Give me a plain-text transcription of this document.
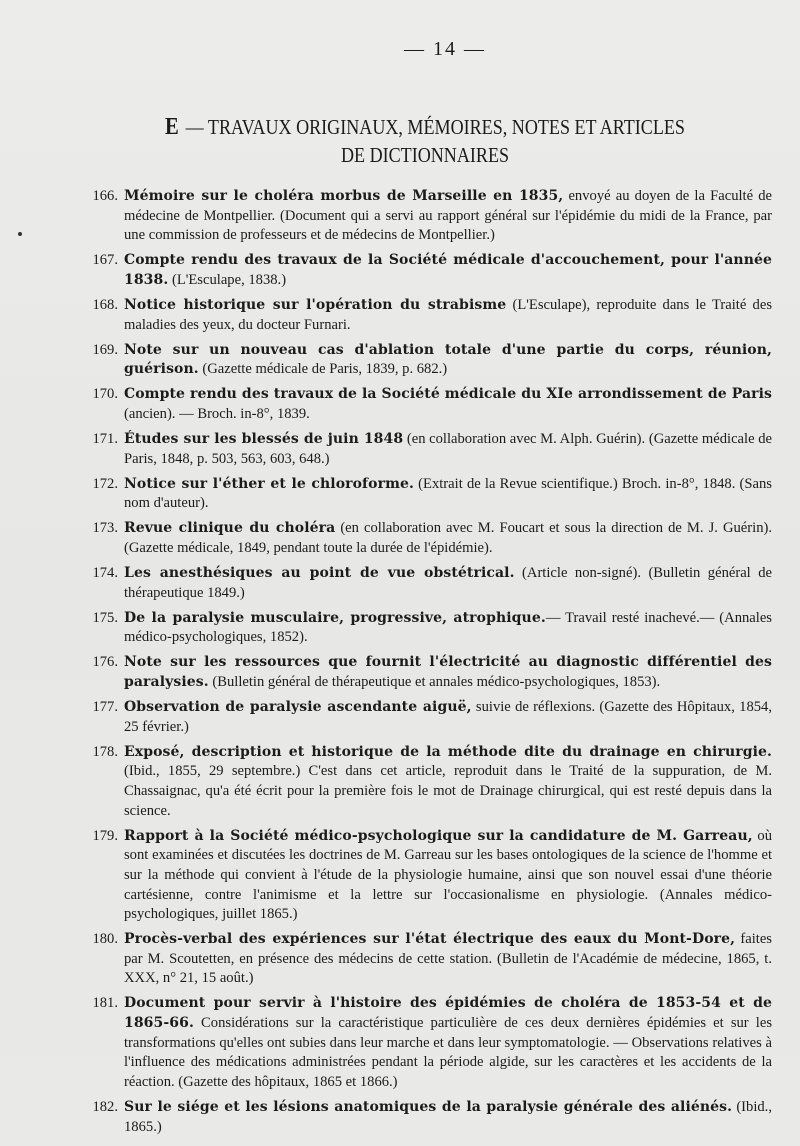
— 14 —
E — TRAVAUX ORIGINAUX, MÉMOIRES, NOTES ET ARTICLES
DE DICTIONNAIRES
166. Mémoire sur le choléra morbus de Marseille en 1835, envoyé au doyen de la Faculté de médecine de Montpellier. (Document qui a servi au rapport général sur l'épidémie du midi de la France, par une commission de professeurs et de médecins de Montpellier.)
167. Compte rendu des travaux de la Société médicale d'accouchement, pour l'année 1838. (L'Esculape, 1838.)
168. Notice historique sur l'opération du strabisme (L'Esculape), reproduite dans le Traité des maladies des yeux, du docteur Furnari.
169. Note sur un nouveau cas d'ablation totale d'une partie du corps, réunion, guérison. (Gazette médicale de Paris, 1839, p. 682.)
170. Compte rendu des travaux de la Société médicale du XIe arrondissement de Paris (ancien). — Broch. in-8°, 1839.
171. Études sur les blessés de juin 1848 (en collaboration avec M. Alph. Guérin). (Gazette médicale de Paris, 1848, p. 503, 563, 603, 648.)
172. Notice sur l'éther et le chloroforme. (Extrait de la Revue scientifique.) Broch. in-8°, 1848. (Sans nom d'auteur).
173. Revue clinique du choléra (en collaboration avec M. Foucart et sous la direction de M. J. Guérin). (Gazette médicale, 1849, pendant toute la durée de l'épidémie).
174. Les anesthésiques au point de vue obstétrical. (Article non-signé). (Bulletin général de thérapeutique 1849.)
175. De la paralysie musculaire, progressive, atrophique.— Travail resté inachevé.— (Annales médico-psychologiques, 1852).
176. Note sur les ressources que fournit l'électricité au diagnostic différentiel des paralysies. (Bulletin général de thérapeutique et annales médico-psychologiques, 1853).
177. Observation de paralysie ascendante aiguë, suivie de réflexions. (Gazette des Hôpitaux, 1854, 25 février.)
178. Exposé, description et historique de la méthode dite du drainage en chirurgie. (Ibid., 1855, 29 septembre.) C'est dans cet article, reproduit dans le Traité de la suppuration, de M. Chassaignac, qu'a été écrit pour la première fois le mot de Drainage chirurgical, qui est resté depuis dans la science.
179. Rapport à la Société médico-psychologique sur la candidature de M. Garreau, où sont examinées et discutées les doctrines de M. Garreau sur les bases ontologiques de la science de l'homme et sur la méthode qui convient à l'étude de la physiologie humaine, ainsi que son nouvel essai d'une théorie cartésienne, contre l'animisme et la lettre sur l'occasionalisme en physiologie. (Annales médico-psychologiques, juillet 1865.)
180. Procès-verbal des expériences sur l'état électrique des eaux du Mont-Dore, faites par M. Scoutetten, en présence des médecins de cette station. (Bulletin de l'Académie de médecine, 1865, t. XXX, n° 21, 15 août.)
181. Document pour servir à l'histoire des épidémies de choléra de 1853-54 et de 1865-66. Considérations sur la caractéristique particulière de ces deux dernières épidémies et sur les transformations qu'elles ont subies dans leur marche et dans leur symptomatologie. — Observations relatives à l'influence des médications administrées pendant la période algide, sur les caractères et les accidents de la réaction. (Gazette des hôpitaux, 1865 et 1866.)
182. Sur le siége et les lésions anatomiques de la paralysie générale des aliénés. (Ibid., 1865.)
